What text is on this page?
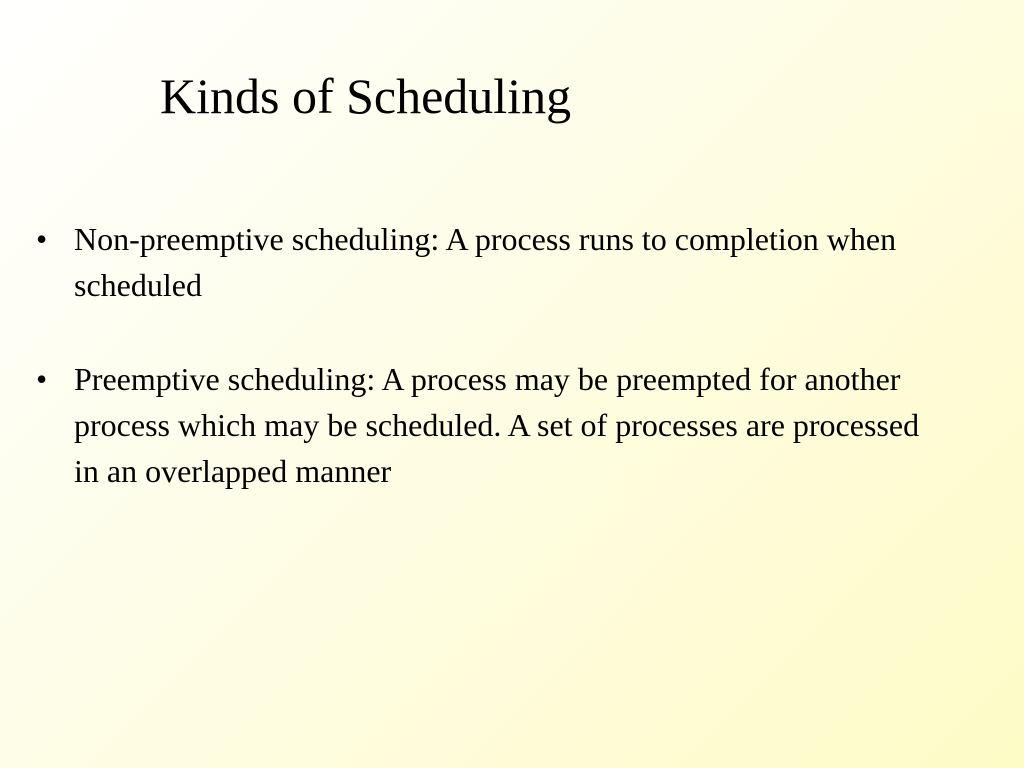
Kinds of Scheduling
• Non-preemptive scheduling: A process runs to completion when scheduled
• Preemptive scheduling: A process may be preempted for another process which may be scheduled. A set of processes are processed in an overlapped manner
